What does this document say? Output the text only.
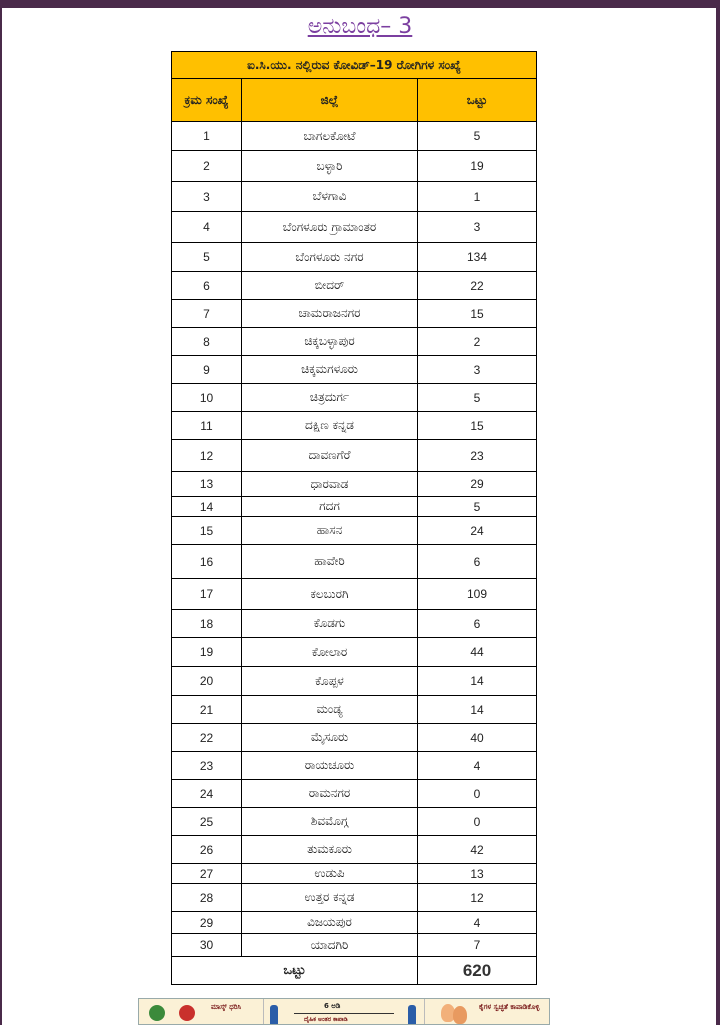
ಅನುಬಂಧ– 3
ಐ.ಸಿ.ಯು. ನಲ್ಲಿರುವ ಕೋವಿಡ್–19 ರೋಗಿಗಳ ಸಂಖ್ಯೆ		
ಕ್ರಮ ಸಂಖ್ಯೆ	ಜಿಲ್ಲೆ	ಒಟ್ಟು
1	ಬಾಗಲಕೋಟೆ	5
2	ಬಳ್ಳಾರಿ	19
3	ಬೆಳಗಾವಿ	1
4	ಬೆಂಗಳೂರು ಗ್ರಾಮಾಂತರ	3
5	ಬೆಂಗಳೂರು ನಗರ	134
6	ಬೀದರ್	22
7	ಚಾಮರಾಜನಗರ	15
8	ಚಿಕ್ಕಬಳ್ಳಾಪುರ	2
9	ಚಿಕ್ಕಮಗಳೂರು	3
10	ಚಿತ್ರದುರ್ಗ	5
11	ದಕ್ಷಿಣ ಕನ್ನಡ	15
12	ದಾವಣಗೆರೆ	23
13	ಧಾರವಾಡ	29
14	ಗದಗ	5
15	ಹಾಸನ	24
16	ಹಾವೇರಿ	6
17	ಕಲಬುರಗಿ	109
18	ಕೊಡಗು	6
19	ಕೋಲಾರ	44
20	ಕೊಪ್ಪಳ	14
21	ಮಂಡ್ಯ	14
22	ಮೈಸೂರು	40
23	ರಾಯಚೂರು	4
24	ರಾಮನಗರ	0
25	ಶಿವಮೊಗ್ಗ	0
26	ತುಮಕೂರು	42
27	ಉಡುಪಿ	13
28	ಉತ್ತರ ಕನ್ನಡ	12
29	ವಿಜಯಪುರ	4
30	ಯಾದಗಿರಿ	7
ಒಟ್ಟು		620
ಮಾಸ್ಕ್ ಧರಿಸಿ	6 ಅಡಿ
ದೈಹಿಕ ಅಂತರ ಕಾಪಾಡಿ
ಕೈಗಳ ಸ್ವಚ್ಛತೆ ಕಾಪಾಡಿಕೊಳ್ಳಿ
